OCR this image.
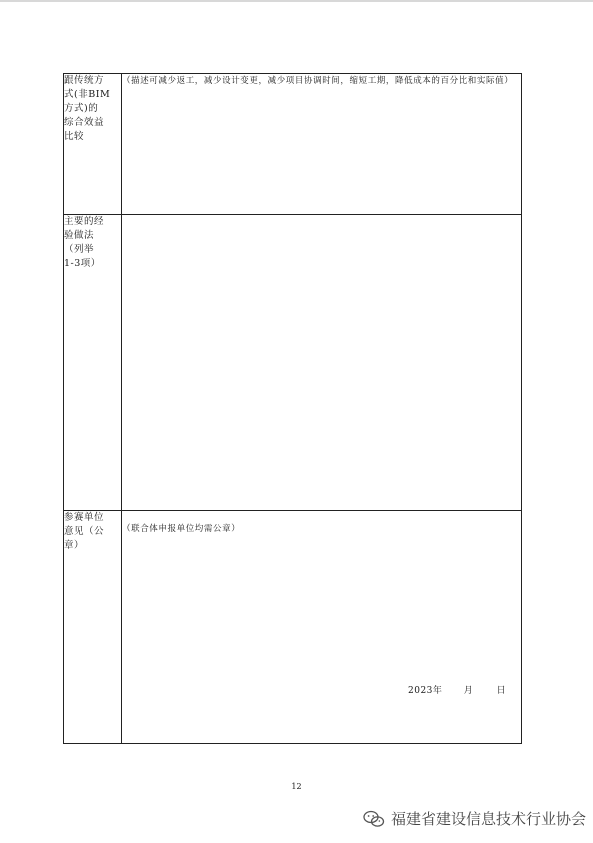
跟传统方
式(非BIM
方式)的
综合效益
比较	（描述可减少返工，减少设计变更，减少项目协调时间，缩短工期，降低成本的百分比和实际值）

主要的经
验做法
（列举
1-3项）	

参赛单位
意见（公
章）	（联合体申报单位均需公章）
2023年 月 日
12
福建省建设信息技术行业协会
